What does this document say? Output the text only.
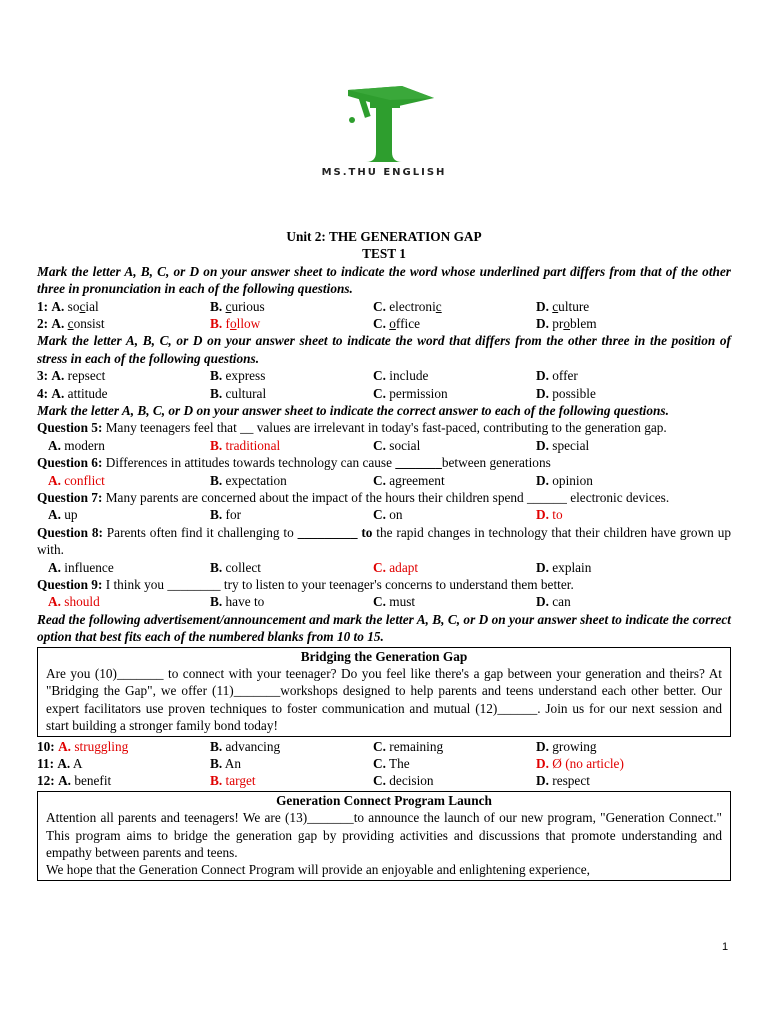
MS.THU ENGLISH
Unit 2: THE GENERATION GAP
TEST 1
Mark the letter A, B, C, or D on your answer sheet to indicate the word whose underlined part differs from that of the other three in pronunciation in each of the following questions.
1: A. social	B. curious	C. electronic	D. culture
2: A. consist	B. follow	C. office	D. problem
Mark the letter A, B, C, or D on your answer sheet to indicate the word that differs from the other three in the position of stress in each of the following questions.
3: A. repsect	B. express	C. include	D. offer
4: A. attitude	B. cultural	C. permission	D. possible
Mark the letter A, B, C, or D on your answer sheet to indicate the correct answer to each of the following questions.
Question 5: Many teenagers feel that __ values are irrelevant in today's fast-paced, contributing to the generation gap.
A. modern	B. traditional	C. social	D. special
Question 6: Differences in attitudes towards technology can cause _______between generations
A. conflict	B. expectation	C. agreement	D. opinion
Question 7: Many parents are concerned about the impact of the hours their children spend ______ electronic devices.
A. up	B. for	C. on	D. to
Question 8: Parents often find it challenging to _________ to the rapid changes in technology that their children have grown up with.
A. influence	B. collect	C. adapt	D. explain
Question 9: I think you ________ try to listen to your teenager's concerns to understand them better.
A. should	B. have to	C. must	D. can
Read the following advertisement/announcement and mark the letter A, B, C, or D on your answer sheet to indicate the correct option that best fits each of the numbered blanks from 10 to 15.
Bridging the Generation Gap
Are you (10)_______ to connect with your teenager? Do you feel like there's a gap between your generation and theirs? At "Bridging the Gap", we offer (11)_______workshops designed to help parents and teens understand each other better. Our expert facilitators use proven techniques to foster communication and mutual (12)______. Join us for our next session and start building a stronger family bond today!
10: A. struggling	B. advancing	C. remaining	D. growing
11: A. A	B. An	C. The	D. Ø (no article)
12: A. benefit	B. target	C. decision	D. respect
Generation Connect Program Launch
Attention all parents and teenagers! We are (13)_______to announce the launch of our new program, "Generation Connect." This program aims to bridge the generation gap by providing activities and discussions that promote understanding and empathy between parents and teens.
We hope that the Generation Connect Program will provide an enjoyable and enlightening experience,
1
